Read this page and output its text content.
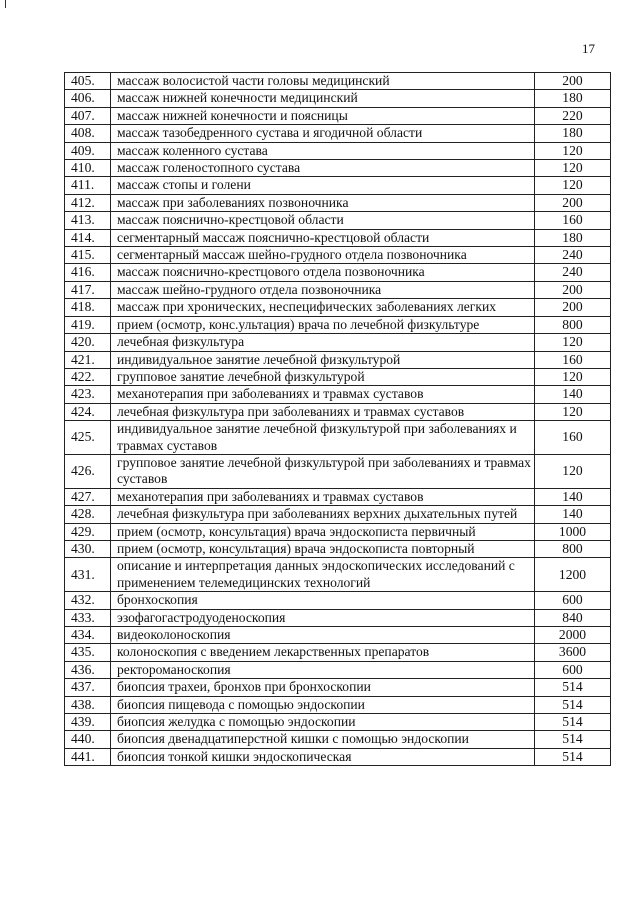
17
405.	массаж волосистой части головы медицинский	200
406.	массаж нижней конечности медицинский	180
407.	массаж нижней конечности и поясницы	220
408.	массаж тазобедренного сустава и ягодичной области	180
409.	массаж коленного сустава	120
410.	массаж голеностопного сустава	120
411.	массаж стопы и голени	120
412.	массаж при заболеваниях позвоночника	200
413.	массаж пояснично-крестцовой области	160
414.	сегментарный массаж пояснично-крестцовой области	180
415.	сегментарный массаж шейно-грудного отдела позвоночника	240
416.	массаж пояснично-крестцового отдела позвоночника	240
417.	массаж шейно-грудного отдела позвоночника	200
418.	массаж при хронических, неспецифических заболеваниях легких	200
419.	прием (осмотр, конс.ультация) врача по лечебной физкультуре	800
420.	лечебная физкультура	120
421.	индивидуальное занятие лечебной физкультурой	160
422.	групповое занятие лечебной физкультурой	120
423.	механотерапия при заболеваниях и травмах суставов	140
424.	лечебная физкультура при заболеваниях и травмах суставов	120
425.	индивидуальное занятие лечебной физкультурой при заболеваниях и травмах суставов	160
426.	групповое занятие лечебной физкультурой при заболеваниях и травмах суставов	120
427.	механотерапия при заболеваниях и травмах суставов	140
428.	лечебная физкультура при заболеваниях верхних дыхательных путей	140
429.	прием (осмотр, консультация) врача эндоскописта первичный	1000
430.	прием (осмотр, консультация) врача эндоскописта повторный	800
431.	описание и интерпретация данных эндоскопических исследований с применением телемедицинских технологий	1200
432.	бронхоскопия	600
433.	эзофагогастродуоденоскопия	840
434.	видеоколоноскопия	2000
435.	колоноскопия с введением лекарственных препаратов	3600
436.	ректороманоскопия	600
437.	биопсия трахеи, бронхов при бронхоскопии	514
438.	биопсия пищевода с помощью эндоскопии	514
439.	биопсия желудка с помощью эндоскопии	514
440.	биопсия двенадцатиперстной кишки с помощью эндоскопии	514
441.	биопсия тонкой кишки эндоскопическая	514
